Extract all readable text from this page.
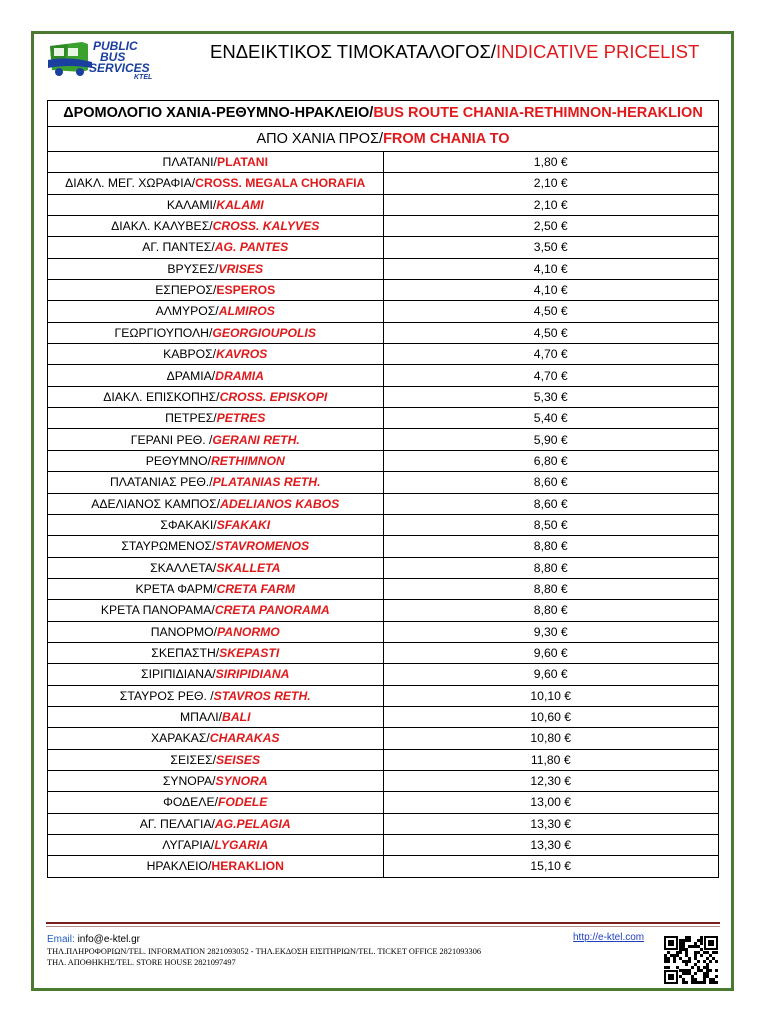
PUBLIC
BUS
SERVICES
KTEL
ΕΝΔΕΙΚΤΙΚΟΣ ΤΙΜΟΚΑΤΑΛΟΓΟΣ/INDICATIVE PRICELIST
ΔΡΟΜΟΛΟΓΙΟ ΧΑΝΙΑ-ΡΕΘΥΜΝΟ-ΗΡΑΚΛΕΙΟ/BUS ROUTE CHANIA-RETHIMNON-HERAKLION	
ΑΠΟ ΧΑΝΙΑ ΠΡΟΣ/FROM CHANIA TO	
ΠΛΑΤΑΝΙ/PLATANI	1,80 €
ΔΙΑΚΛ. ΜΕΓ. ΧΩΡΑΦΙΑ/CROSS. MEGALA CHORAFIA	2,10 €
ΚΑΛΑΜΙ/KALAMI	2,10 €
ΔΙΑΚΛ. ΚΑΛΥΒΕΣ/CROSS. KALYVES	2,50 €
ΑΓ. ΠΑΝΤΕΣ/AG. PANTES	3,50 €
ΒΡΥΣΕΣ/VRISES	4,10 €
ΕΣΠΕΡΟΣ/ESPEROS	4,10 €
ΑΛΜΥΡΟΣ/ALMIROS	4,50 €
ΓΕΩΡΓΙΟΥΠΟΛΗ/GEORGIOUPOLIS	4,50 €
ΚΑΒΡΟΣ/KAVROS	4,70 €
ΔΡΑΜΙΑ/DRAMIA	4,70 €
ΔΙΑΚΛ. ΕΠΙΣΚΟΠΗΣ/CROSS. EPISKOPI	5,30 €
ΠΕΤΡΕΣ/PETRES	5,40 €
ΓΕΡΑΝΙ ΡΕΘ. /GERANI RETH.	5,90 €
ΡΕΘΥΜΝΟ/RETHIMNON	6,80 €
ΠΛΑΤΑΝΙΑΣ ΡΕΘ./PLATANIAS RETH.	8,60 €
ΑΔΕΛΙΑΝΟΣ ΚΑΜΠΟΣ/ADELIANOS KABOS	8,60 €
ΣΦΑΚΑΚΙ/SFAKAKI	8,50 €
ΣΤΑΥΡΩΜΕΝΟΣ/STAVROMENOS	8,80 €
ΣΚΑΛΛΕΤΑ/SKALLETA	8,80 €
ΚΡΕΤΑ ΦΑΡΜ/CRETA FARM	8,80 €
ΚΡΕΤΑ ΠΑΝΟΡΑΜΑ/CRETA PANORAMA	8,80 €
ΠΑΝΟΡΜΟ/PANORMO	9,30 €
ΣΚΕΠΑΣΤΗ/SKEPASTI	9,60 €
ΣΙΡΙΠΙΔΙΑΝΑ/SIRIPIDIANA	9,60 €
ΣΤΑΥΡΟΣ ΡΕΘ. /STAVROS RETH.	10,10 €
ΜΠΑΛΙ/BALI	10,60 €
ΧΑΡΑΚΑΣ/CHARAKAS	10,80 €
ΣΕΙΣΕΣ/SEISES	11,80 €
ΣΥΝΟΡΑ/SYNORA	12,30 €
ΦΟΔΕΛΕ/FODELE	13,00 €
ΑΓ. ΠΕΛΑΓΙΑ/AG.PELAGIA	13,30 €
ΛΥΓΑΡΙΑ/LYGARIA	13,30 €
ΗΡΑΚΛΕΙΟ/HERAKLION	15,10 €
Email: info@e-ktel.gr
ΤΗΛ.ΠΛΗΡΟΦΟΡΙΩΝ/TEL. INFORMATION 2821093052 - ΤΗΛ.ΕΚΔΟΣΗ ΕΙΣΙΤΗΡΙΩΝ/TEL. TICKET OFFICE 2821093306
ΤΗΛ. ΑΠΟΘΗΚΗΣ/TEL. STORE HOUSE 2821097497
http://e-ktel.com
